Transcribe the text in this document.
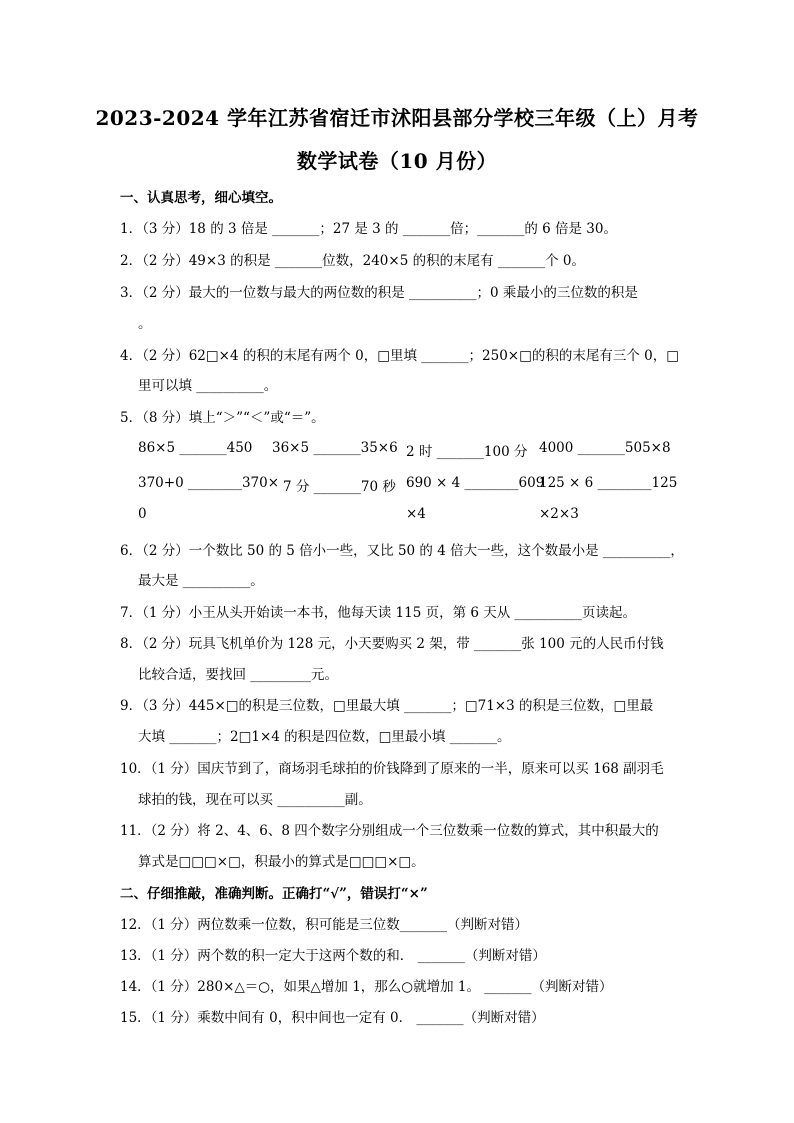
2023-2024 学年江苏省宿迁市沭阳县部分学校三年级（上）月考
数学试卷（10 月份）
一、认真思考，细心填空。
1．（3 分）18 的 3 倍是 _______；27 是 3 的 _______倍；_______的 6 倍是 30。
2．（2 分）49×3 的积是 _______位数，240×5 的积的末尾有 _______个 0。
3．（2 分）最大的一位数与最大的两位数的积是 __________；0 乘最小的三位数的积是
。
4．（2 分）62□×4 的积的末尾有两个 0，□里填 _______；250×□的积的末尾有三个 0，□
里可以填 __________。
5．（8 分）填上“＞”“＜”或“＝”。
86×5 _______450 36×5 _______35×6 2 时 _______100 分 4000 _______505×8
370+0 ________370× 7 分 _______70 秒 690 × 4 ________609
125 × 6 ________125
0	×4	×2×3
6．（2 分）一个数比 50 的 5 倍小一些，又比 50 的 4 倍大一些，这个数最小是 __________，
最大是 __________。
7．（1 分）小王从头开始读一本书，他每天读 115 页，第 6 天从 __________页读起。
8．（2 分）玩具飞机单价为 128 元，小天要购买 2 架，带 _______张 100 元的人民币付钱
比较合适，要找回 _________元。
9．（3 分）445×□的积是三位数，□里最大填 _______；□71×3 的积是三位数，□里最
大填 _______；2□1×4 的积是四位数，□里最小填 _______。
10．（1 分）国庆节到了，商场羽毛球拍的价钱降到了原来的一半，原来可以买 168 副羽毛
球拍的钱，现在可以买 __________副。
11．（2 分）将 2、4、6、8 四个数字分别组成一个三位数乘一位数的算式，其中积最大的
算式是□□□×□，积最小的算式是□□□×□。
二、仔细推敲，准确判断。正确打“√”，错误打“×”
12．（1 分）两位数乘一位数，积可能是三位数_______（判断对错）
13．（1 分）两个数的积一定大于这两个数的和． _______（判断对错）
14．（1 分）280×△＝○，如果△增加 1，那么○就增加 1。 _______（判断对错）
15．（1 分）乘数中间有 0，积中间也一定有 0． _______（判断对错）
